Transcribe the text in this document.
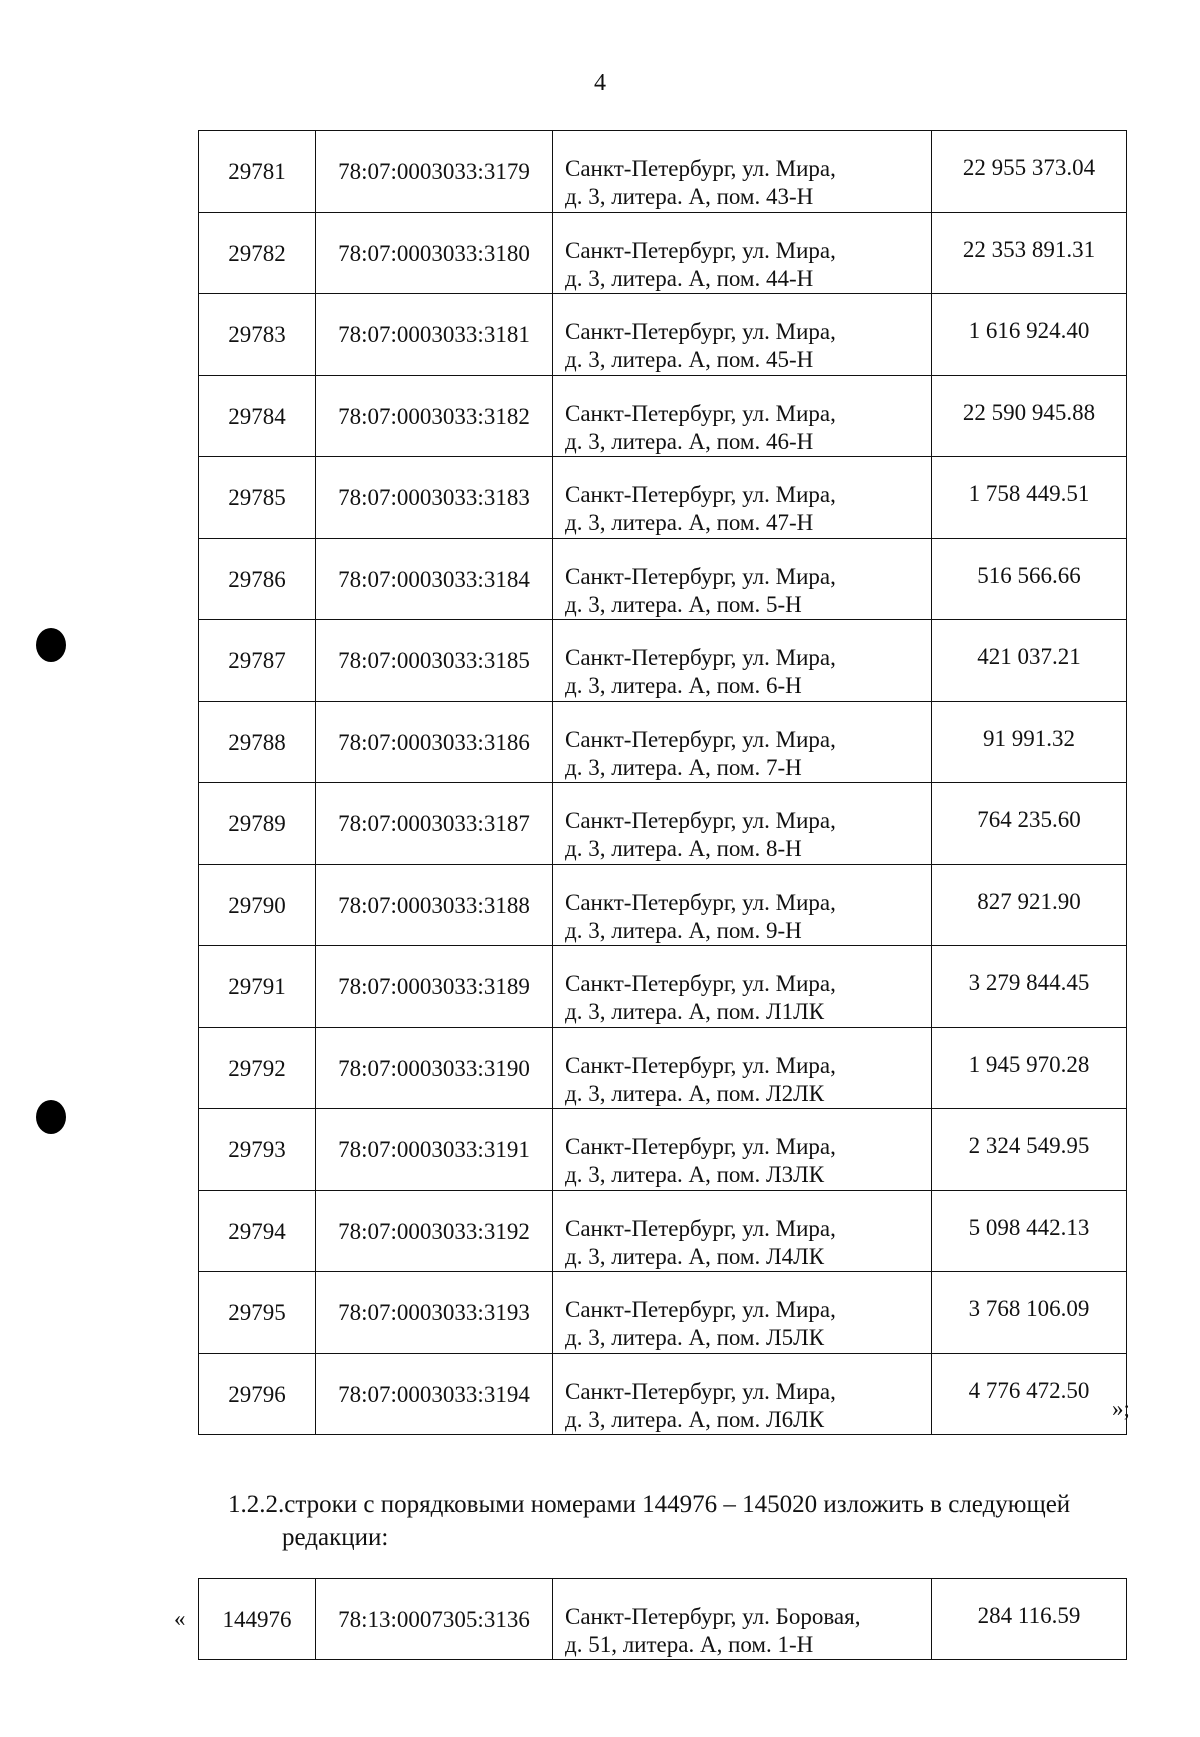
4
29781	78:07:0003033:3179	Санкт-Петербург, ул. Мира,
д. 3, литера. А, пом. 43-Н	22 955 373.04
29782	78:07:0003033:3180	Санкт-Петербург, ул. Мира,
д. 3, литера. А, пом. 44-Н	22 353 891.31
29783	78:07:0003033:3181	Санкт-Петербург, ул. Мира,
д. 3, литера. А, пом. 45-Н	1 616 924.40
29784	78:07:0003033:3182	Санкт-Петербург, ул. Мира,
д. 3, литера. А, пом. 46-Н	22 590 945.88
29785	78:07:0003033:3183	Санкт-Петербург, ул. Мира,
д. 3, литера. А, пом. 47-Н	1 758 449.51
29786	78:07:0003033:3184	Санкт-Петербург, ул. Мира,
д. 3, литера. А, пом. 5-Н	516 566.66
29787	78:07:0003033:3185	Санкт-Петербург, ул. Мира,
д. 3, литера. А, пом. 6-Н	421 037.21
29788	78:07:0003033:3186	Санкт-Петербург, ул. Мира,
д. 3, литера. А, пом. 7-Н	91 991.32
29789	78:07:0003033:3187	Санкт-Петербург, ул. Мира,
д. 3, литера. А, пом. 8-Н	764 235.60
29790	78:07:0003033:3188	Санкт-Петербург, ул. Мира,
д. 3, литера. А, пом. 9-Н	827 921.90
29791	78:07:0003033:3189	Санкт-Петербург, ул. Мира,
д. 3, литера. А, пом. Л1ЛК	3 279 844.45
29792	78:07:0003033:3190	Санкт-Петербург, ул. Мира,
д. 3, литера. А, пом. Л2ЛК	1 945 970.28
29793	78:07:0003033:3191	Санкт-Петербург, ул. Мира,
д. 3, литера. А, пом. Л3ЛК	2 324 549.95
29794	78:07:0003033:3192	Санкт-Петербург, ул. Мира,
д. 3, литера. А, пом. Л4ЛК	5 098 442.13
29795	78:07:0003033:3193	Санкт-Петербург, ул. Мира,
д. 3, литера. А, пом. Л5ЛК	3 768 106.09
29796	78:07:0003033:3194	Санкт-Петербург, ул. Мира,
д. 3, литера. А, пом. Л6ЛК	4 776 472.50
»;
1.2.2.строки с порядковыми номерами 144976 – 145020 изложить в следующей
редакции:
« 144976	78:13:0007305:3136	Санкт-Петербург, ул. Боровая,
д. 51, литера. А, пом. 1-Н
	284 116.59
